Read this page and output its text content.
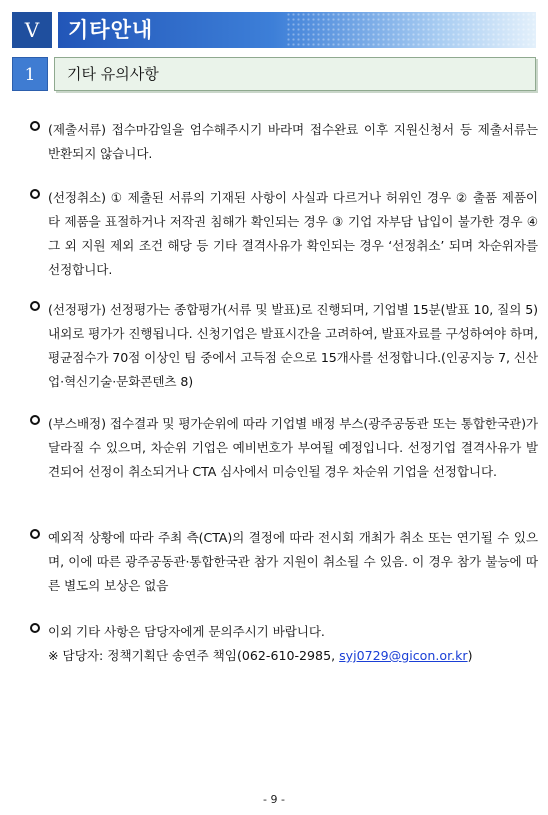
V	기타안내
1	기타 유의사항
(제출서류) 접수마감일을 엄수해주시기 바라며 접수완료 이후 지원신청서 등 제출서류는 반환되지 않습니다.
(선정취소) ① 제출된 서류의 기재된 사항이 사실과 다르거나 허위인 경우 ② 출품 제품이 타 제품을 표절하거나 저작권 침해가 확인되는 경우 ③ 기업 자부담 납입이 불가한 경우 ④ 그 외 지원 제외 조건 해당 등 기타 결격사유가 확인되는 경우 ‘선정취소’ 되며 차순위자를 선정합니다.
(선정평가) 선정평가는 종합평가(서류 및 발표)로 진행되며, 기업별 15분(발표 10, 질의 5) 내외로 평가가 진행됩니다. 신청기업은 발표시간을 고려하여, 발표자료를 구성하여야 하며, 평균점수가 70점 이상인 팀 중에서 고득점 순으로 15개사를 선정합니다.(인공지능 7, 신산업·혁신기술·문화콘텐츠 8)
(부스배정) 접수결과 및 평가순위에 따라 기업별 배정 부스(광주공동관 또는 통합한국관)가 달라질 수 있으며, 차순위 기업은 예비번호가 부여될 예정입니다. 선정기업 결격사유가 발견되어 선정이 취소되거나 CTA 심사에서 미승인될 경우 차순위 기업을 선정합니다.
예외적 상황에 따라 주최 측(CTA)의 결정에 따라 전시회 개최가 취소 또는 연기될 수 있으며, 이에 따른 광주공동관·통합한국관 참가 지원이 취소될 수 있음. 이 경우 참가 불능에 따른 별도의 보상은 없음
이외 기타 사항은 담당자에게 문의주시기 바랍니다.
※ 담당자: 정책기획단 송연주 책임(062-610-2985, syj0729@gicon.or.kr)
- 9 -
